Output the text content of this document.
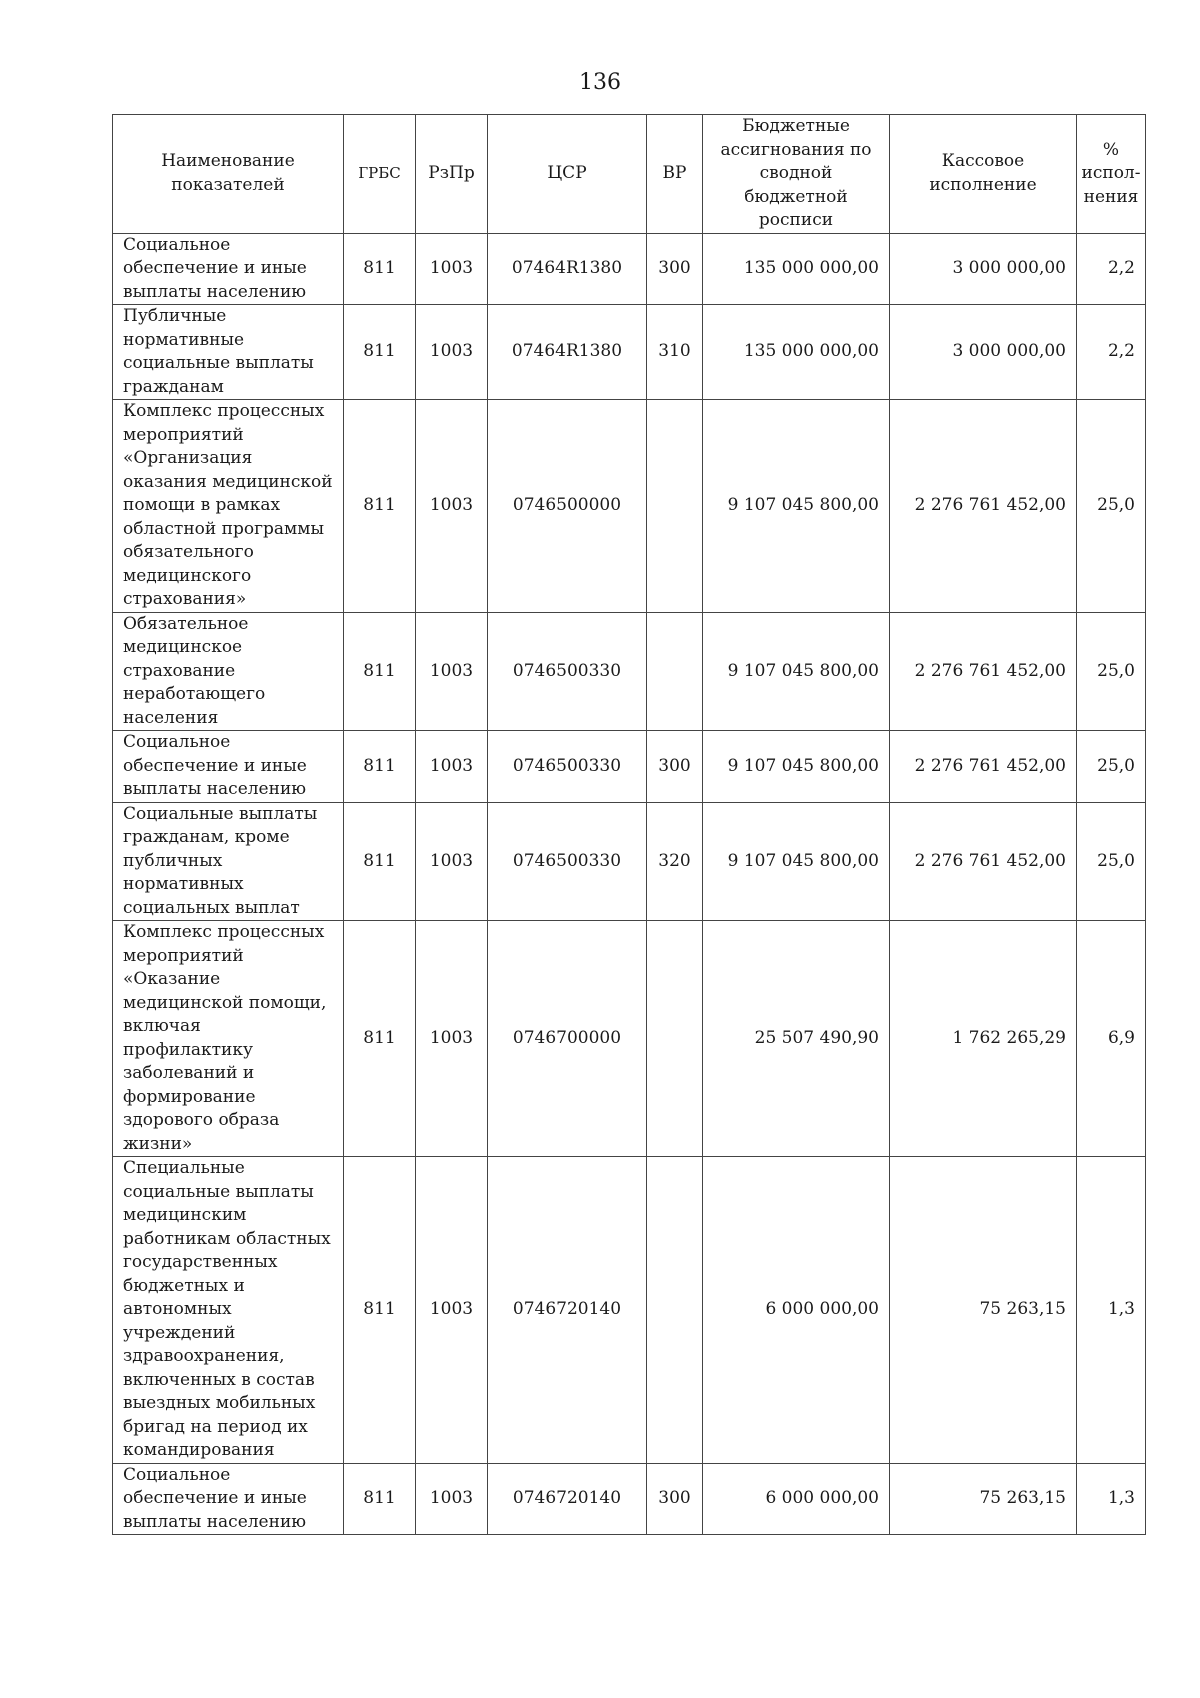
136
Наименование показателей	ГРБС	РзПр	ЦСР	ВР	Бюджетные ассигнования по сводной бюджетной росписи	Кассовое исполнение	% испол-нения
Социальное обеспечение и иные выплаты населению	811	1003	07464R1380	300	135 000 000,00	3 000 000,00	2,2
Публичные нормативные социальные выплаты гражданам	811	1003	07464R1380	310	135 000 000,00	3 000 000,00	2,2
Комплекс процессных мероприятий «Организация оказания медицинской помощи в рамках областной программы обязательного медицинского страхования»	811	1003	0746500000		9 107 045 800,00	2 276 761 452,00	25,0
Обязательное медицинское страхование неработающего населения	811	1003	0746500330		9 107 045 800,00	2 276 761 452,00	25,0
Социальное обеспечение и иные выплаты населению	811	1003	0746500330	300	9 107 045 800,00	2 276 761 452,00	25,0
Социальные выплаты гражданам, кроме публичных нормативных социальных выплат	811	1003	0746500330	320	9 107 045 800,00	2 276 761 452,00	25,0
Комплекс процессных мероприятий «Оказание медицинской помощи, включая профилактику заболеваний и формирование здорового образа жизни»	811	1003	0746700000		25 507 490,90	1 762 265,29	6,9
Специальные социальные выплаты медицинским работникам областных государственных бюджетных и автономных учреждений здравоохранения, включенных в состав выездных мобильных бригад на период их командирования	811	1003	0746720140		6 000 000,00	75 263,15	1,3
Социальное обеспечение и иные выплаты населению	811	1003	0746720140	300	6 000 000,00	75 263,15	1,3
